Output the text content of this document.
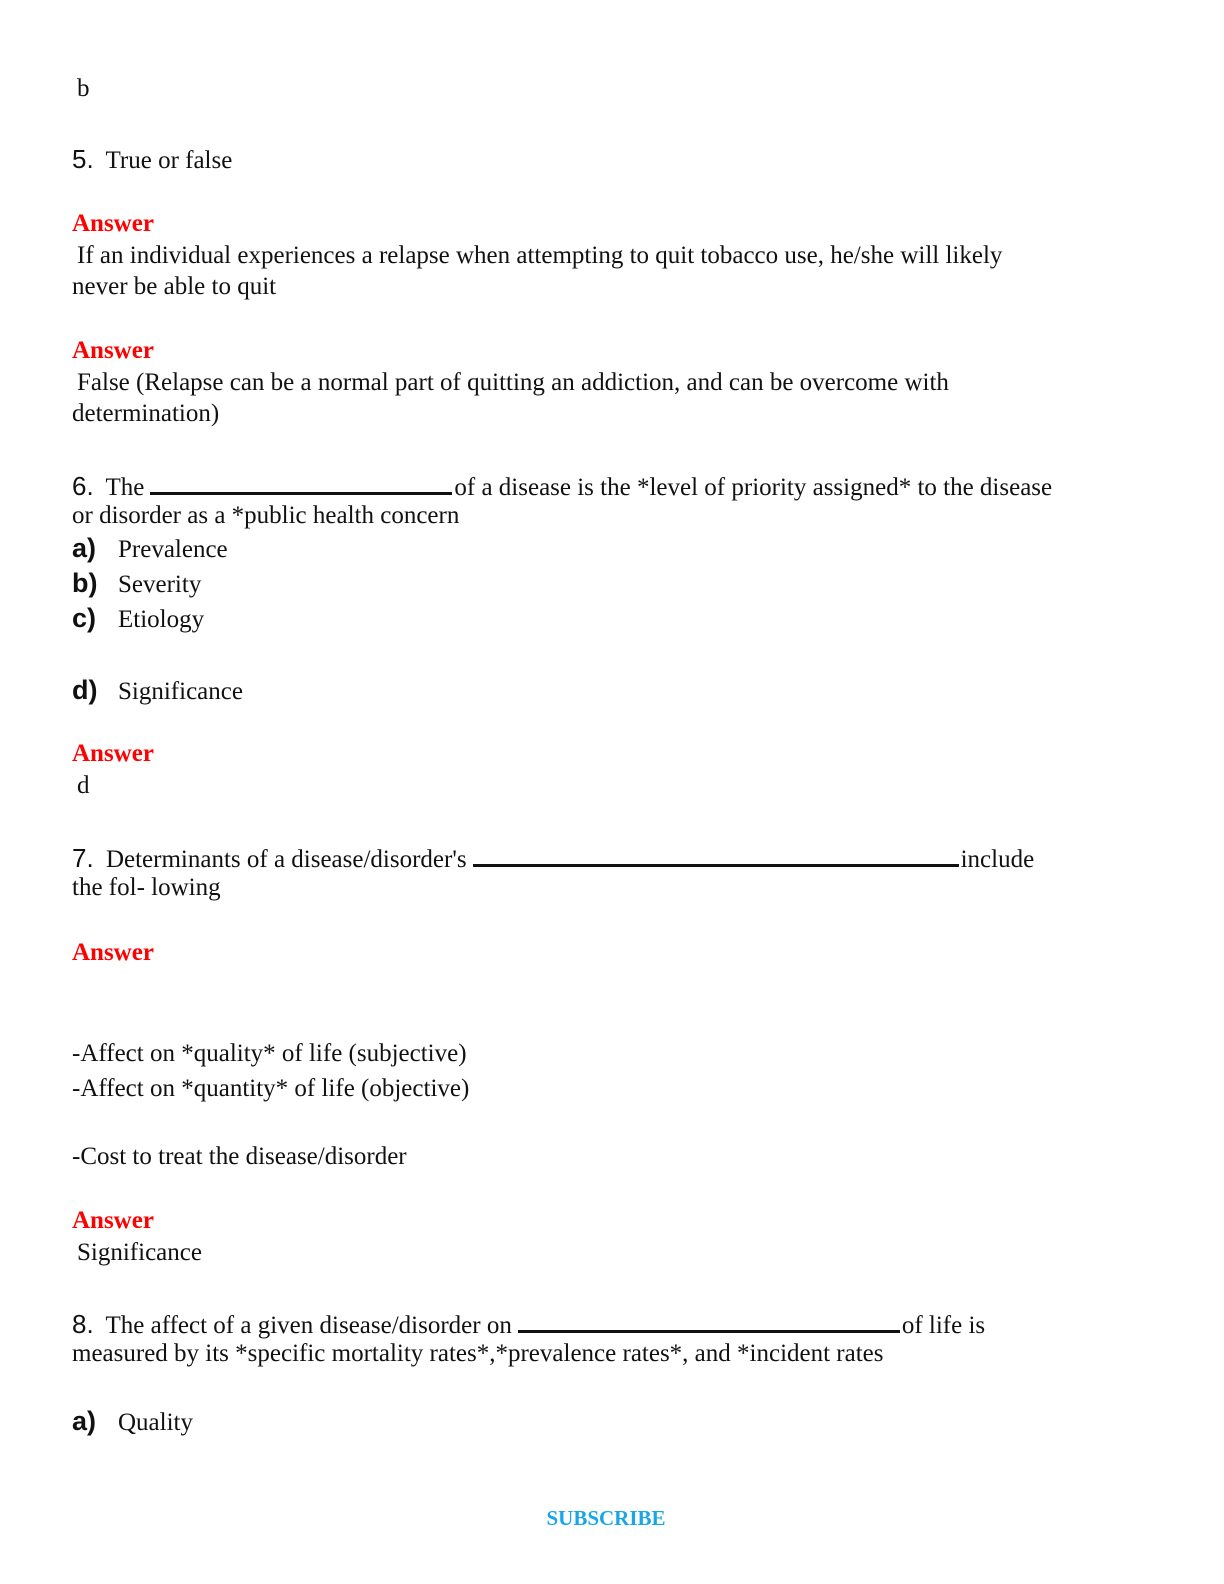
b
5. True or false
Answer
If an individual experiences a relapse when attempting to quit tobacco use, he/she will likely
never be able to quit
Answer
False (Relapse can be a normal part of quitting an addiction, and can be overcome with
determination)
6. The	of a disease is the *level of priority assigned* to the disease
or disorder as a *public health concern
a) Prevalence
b) Severity
c) Etiology
d) Significance
Answer
d
7. Determinants of a disease/disorder's	include
the fol- lowing
Answer
-Affect on *quality* of life (subjective)
-Affect on *quantity* of life (objective)
-Cost to treat the disease/disorder
Answer
Significance
8. The affect of a given disease/disorder on	of life is
measured by its *specific mortality rates*,*prevalence rates*, and *incident rates
a) Quality
SUBSCRIBE
